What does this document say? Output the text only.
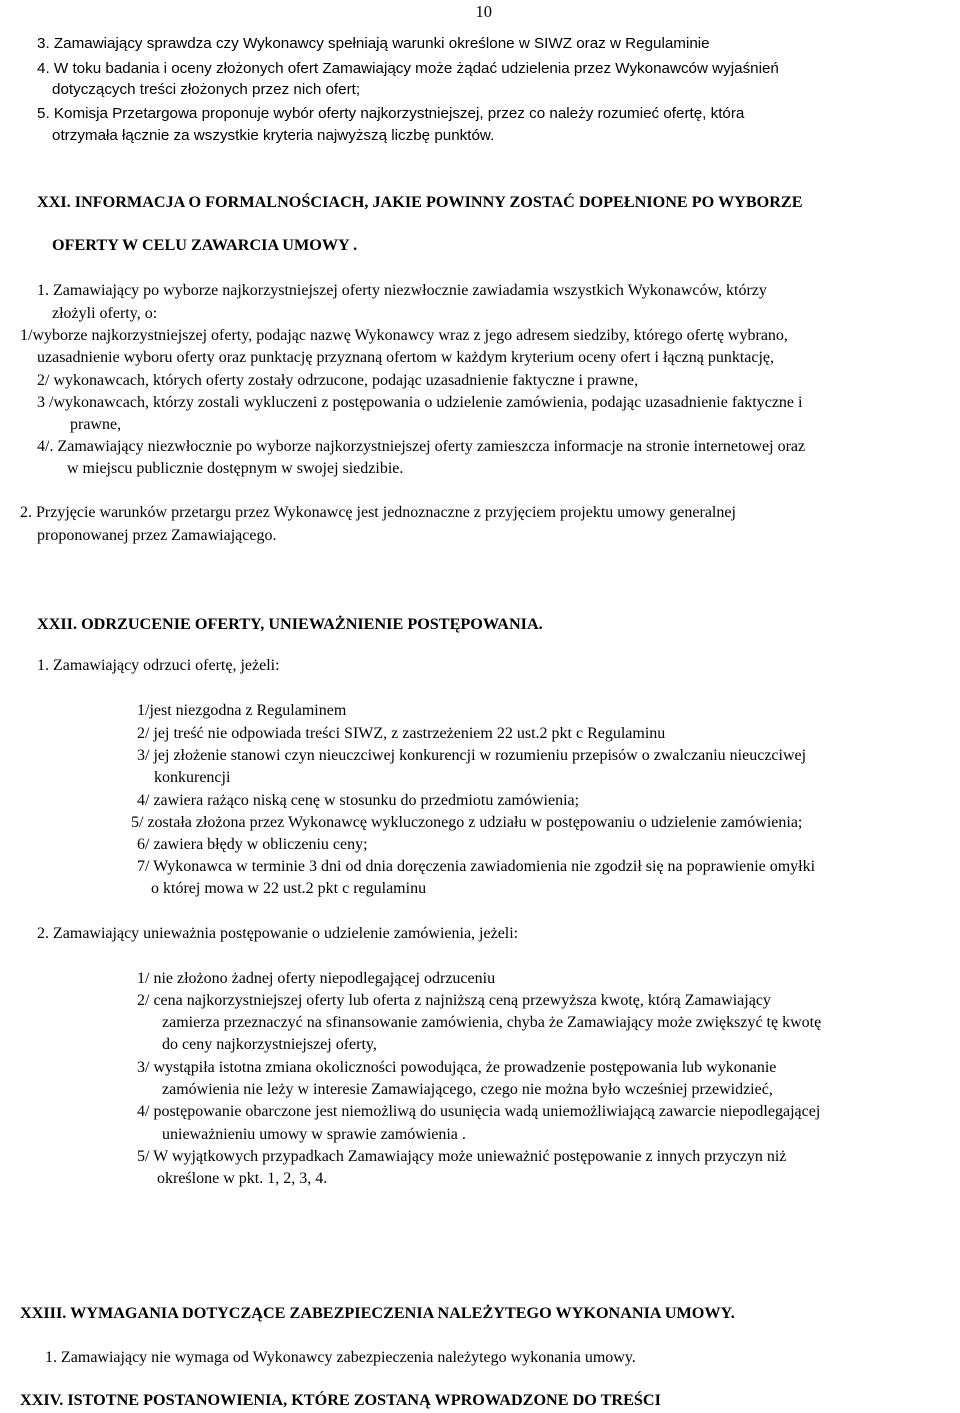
10
3. Zamawiający sprawdza czy Wykonawcy spełniają warunki określone w SIWZ oraz w Regulaminie
4. W toku badania i oceny złożonych ofert Zamawiający może żądać udzielenia przez Wykonawców wyjaśnień
dotyczących treści złożonych przez nich ofert;
5. Komisja Przetargowa proponuje wybór oferty najkorzystniejszej, przez co należy rozumieć ofertę, która
otrzymała łącznie za wszystkie kryteria najwyższą liczbę punktów.
XXI. INFORMACJA O FORMALNOŚCIACH, JAKIE POWINNY ZOSTAĆ DOPEŁNIONE PO WYBORZE
OFERTY W CELU ZAWARCIA UMOWY .
1. Zamawiający po wyborze najkorzystniejszej oferty niezwłocznie zawiadamia wszystkich Wykonawców, którzy
złożyli oferty, o:
1/wyborze najkorzystniejszej oferty, podając nazwę Wykonawcy wraz z jego adresem siedziby, którego ofertę wybrano,
uzasadnienie wyboru oferty oraz punktację przyznaną ofertom w każdym kryterium oceny ofert i łączną punktację,
2/ wykonawcach, których oferty zostały odrzucone, podając uzasadnienie faktyczne i prawne,
3 /wykonawcach, którzy zostali wykluczeni z postępowania o udzielenie zamówienia, podając uzasadnienie faktyczne i
prawne,
4/. Zamawiający niezwłocznie po wyborze najkorzystniejszej oferty zamieszcza informacje na stronie internetowej oraz
w miejscu publicznie dostępnym w swojej siedzibie.
2. Przyjęcie warunków przetargu przez Wykonawcę jest jednoznaczne z przyjęciem projektu umowy generalnej
proponowanej przez Zamawiającego.
XXII. ODRZUCENIE OFERTY, UNIEWAŻNIENIE POSTĘPOWANIA.
1. Zamawiający odrzuci ofertę, jeżeli:
1/jest niezgodna z Regulaminem
2/ jej treść nie odpowiada treści SIWZ, z zastrzeżeniem 22 ust.2 pkt c Regulaminu
3/ jej złożenie stanowi czyn nieuczciwej konkurencji w rozumieniu przepisów o zwalczaniu nieuczciwej
konkurencji
4/ zawiera rażąco niską cenę w stosunku do przedmiotu zamówienia;
5/ została złożona przez Wykonawcę wykluczonego z udziału w postępowaniu o udzielenie zamówienia;
6/ zawiera błędy w obliczeniu ceny;
7/ Wykonawca w terminie 3 dni od dnia doręczenia zawiadomienia nie zgodził się na poprawienie omyłki
o której mowa w 22 ust.2 pkt c regulaminu
2. Zamawiający unieważnia postępowanie o udzielenie zamówienia, jeżeli:
1/ nie złożono żadnej oferty niepodlegającej odrzuceniu
2/ cena najkorzystniejszej oferty lub oferta z najniższą ceną przewyższa kwotę, którą Zamawiający
zamierza przeznaczyć na sfinansowanie zamówienia, chyba że Zamawiający może zwiększyć tę kwotę
do ceny najkorzystniejszej oferty,
3/ wystąpiła istotna zmiana okoliczności powodująca, że prowadzenie postępowania lub wykonanie
zamówienia nie leży w interesie Zamawiającego, czego nie można było wcześniej przewidzieć,
4/ postępowanie obarczone jest niemożliwą do usunięcia wadą uniemożliwiającą zawarcie niepodlegającej
unieważnieniu umowy w sprawie zamówienia .
5/ W wyjątkowych przypadkach Zamawiający może unieważnić postępowanie z innych przyczyn niż
określone w pkt. 1, 2, 3, 4.
XXIII. WYMAGANIA DOTYCZĄCE ZABEZPIECZENIA NALEŻYTEGO WYKONANIA UMOWY.
1. Zamawiający nie wymaga od Wykonawcy zabezpieczenia należytego wykonania umowy.
XXIV. ISTOTNE POSTANOWIENIA, KTÓRE ZOSTANĄ WPROWADZONE DO TREŚCI
